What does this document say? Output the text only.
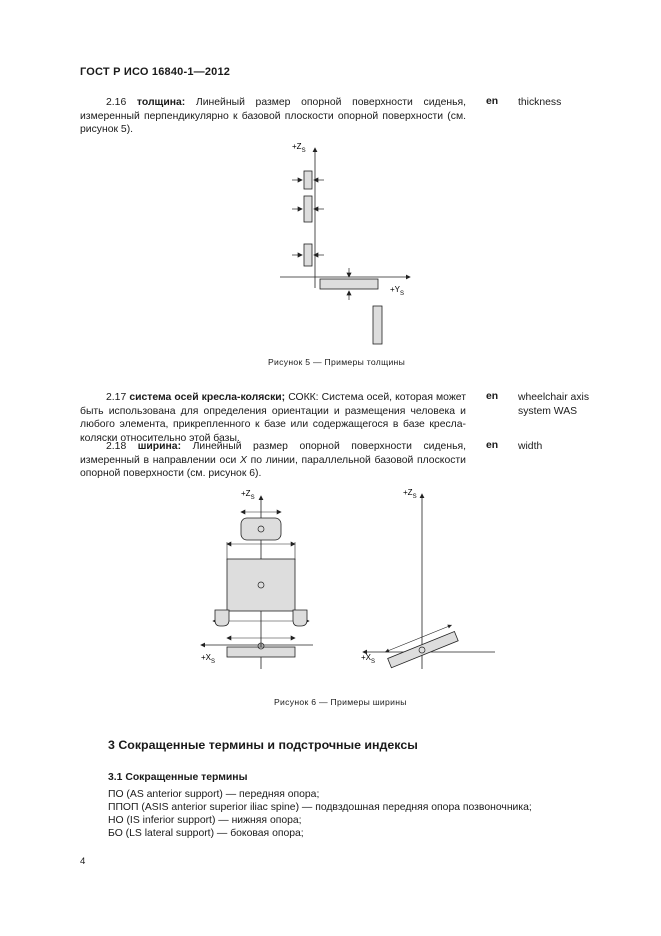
ГОСТ Р ИСО 16840-1—2012
2.16 толщина: Линейный размер опорной поверхности сиденья, измеренный перпендикулярно к базовой плоскости опорной поверхности (см. рисунок 5).
en thickness
$+Z_S$
$+Y_S$
Рисунок 5 — Примеры толщины
2.17 система осей кресла-коляски; СОКК: Система осей, которая может быть использована для определения ориентации и размещения человека и любого элемента, прикрепленного к базе или содержащегося в базе кресла-коляски относительно этой базы.
en wheelchair axis
system WAS
2.18 ширина: Линейный размер опорной поверхности сиденья, измеренный в направлении оси X по линии, параллельной базовой плоскости опорной поверхности (см. рисунок 6).
en width
$+Z_S$
$+X_S$
$+Z_S$
$+X_S$
Рисунок 6 — Примеры ширины
3 Сокращенные термины и подстрочные индексы
3.1 Сокращенные термины
ПО (AS anterior support) — передняя опора;
ППОП (ASIS anterior superior iliac spine) — подвздошная передняя опора позвоночника;
НО (IS inferior support) — нижняя опора;
БО (LS lateral support) — боковая опора;
4
